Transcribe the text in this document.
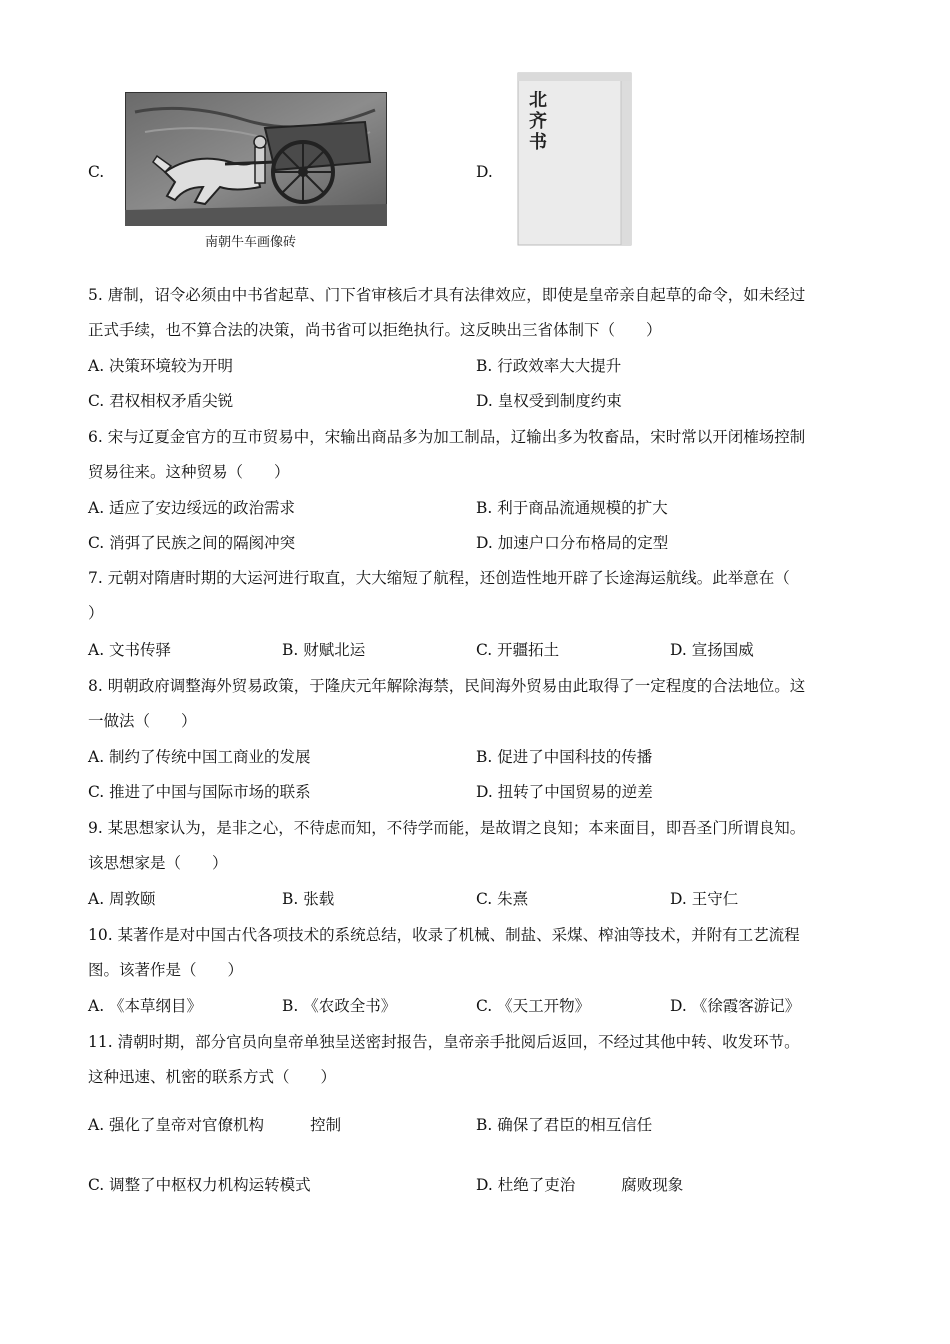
C.
南朝牛车画像砖
D.
北齐书
5. 唐制，诏令必须由中书省起草、门下省审核后才具有法律效应，即使是皇帝亲自起草的命令，如未经过
正式手续，也不算合法的决策，尚书省可以拒绝执行。这反映出三省体制下（　　）
A. 决策环境较为开明	B. 行政效率大大提升
C. 君权相权矛盾尖锐	D. 皇权受到制度约束
6. 宋与辽夏金官方的互市贸易中，宋输出商品多为加工制品，辽输出多为牧畜品，宋时常以开闭榷场控制
贸易往来。这种贸易（　　）
A. 适应了安边绥远的政治需求	B. 利于商品流通规模的扩大
C. 消弭了民族之间的隔阂冲突	D. 加速户口分布格局的定型
7. 元朝对隋唐时期的大运河进行取直，大大缩短了航程，还创造性地开辟了长途海运航线。此举意在（
）
A. 文书传驿	B. 财赋北运	C. 开疆拓土	D. 宣扬国威
8. 明朝政府调整海外贸易政策，于隆庆元年解除海禁，民间海外贸易由此取得了一定程度的合法地位。这
一做法（　　）
A. 制约了传统中国工商业的发展	B. 促进了中国科技的传播
C. 推进了中国与国际市场的联系	D. 扭转了中国贸易的逆差
9. 某思想家认为，是非之心，不待虑而知，不待学而能，是故谓之良知；本来面目，即吾圣门所谓良知。
该思想家是（　　）
A. 周敦颐	B. 张载	C. 朱熹	D. 王守仁
10. 某著作是对中国古代各项技术的系统总结，收录了机械、制盐、采煤、榨油等技术，并附有工艺流程
图。该著作是（　　）
A. 《本草纲目》	B. 《农政全书》	C. 《天工开物》	D. 《徐霞客游记》
11. 清朝时期，部分官员向皇帝单独呈送密封报告，皇帝亲手批阅后返回，不经过其他中转、收发环节。
这种迅速、机密的联系方式（　　）
A. 强化了皇帝对官僚机构	控制	B. 确保了君臣的相互信任
C. 调整了中枢权力机构运转模式	D. 杜绝了吏治	腐败现象
